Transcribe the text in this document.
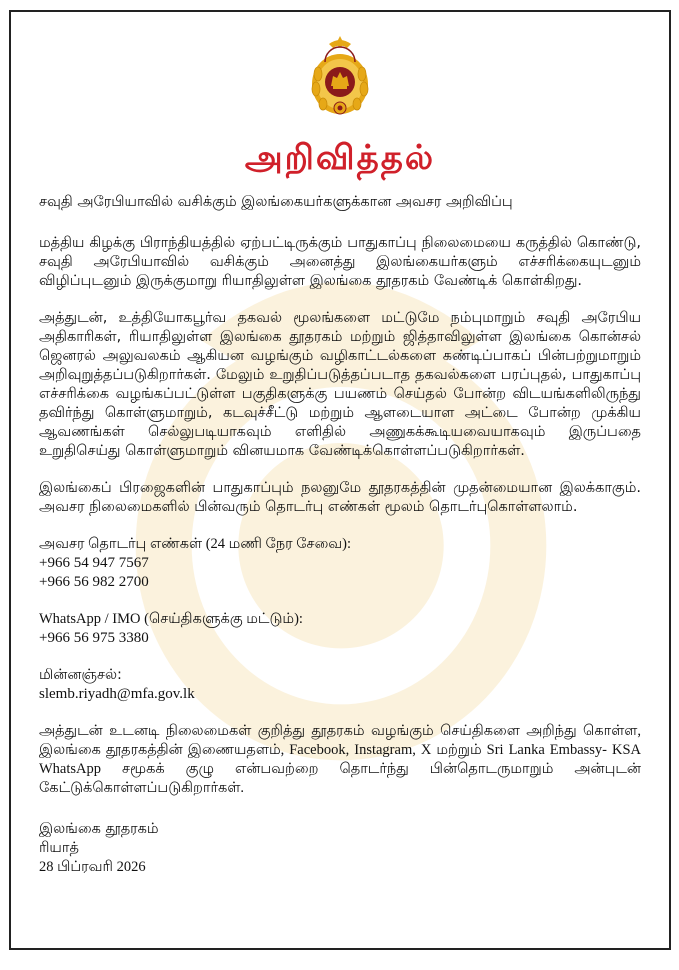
அறிவித்தல்
சவுதி அரேபியாவில் வசிக்கும் இலங்கையர்களுக்கான அவசர அறிவிப்பு

மத்திய கிழக்கு பிராந்தியத்தில் ஏற்பட்டிருக்கும் பாதுகாப்பு நிலைமையை கருத்தில் கொண்டு, சவுதி அரேபியாவில் வசிக்கும் அனைத்து இலங்கையர்களும் எச்சரிக்கையுடனும் விழிப்புடனும் இருக்குமாறு ரியாதிலுள்ள இலங்கை தூதரகம் வேண்டிக் கொள்கிறது.

அத்துடன், உத்தியோகபூர்வ தகவல் மூலங்களை மட்டுமே நம்புமாறும் சவுதி அரேபிய அதிகாரிகள், ரியாதிலுள்ள இலங்கை தூதரகம் மற்றும் ஜித்தாவிலுள்ள இலங்கை கொன்சல் ஜெனரல் அலுவலகம் ஆகியன வழங்கும் வழிகாட்டல்களை கண்டிப்பாகப் பின்பற்றுமாறும் அறிவுறுத்தப்படுகிறார்கள். மேலும் உறுதிப்படுத்தப்படாத தகவல்களை பரப்புதல், பாதுகாப்பு எச்சரிக்கை வழங்கப்பட்டுள்ள பகுதிகளுக்கு பயணம் செய்தல் போன்ற விடயங்களிலிருந்து தவிர்ந்து கொள்ளுமாறும், கடவுச்சீட்டு மற்றும் ஆளடையாள அட்டை போன்ற முக்கிய ஆவணங்கள் செல்லுபடியாகவும் எளிதில் அணுகக்கூடியவையாகவும் இருப்பதை உறுதிசெய்து கொள்ளுமாறும் வினயமாக வேண்டிக்கொள்ளப்படுகிறார்கள்.

இலங்கைப் பிரஜைகளின் பாதுகாப்பும் நலனுமே தூதரகத்தின் முதன்மையான இலக்காகும். அவசர நிலைமைகளில் பின்வரும் தொடர்பு எண்கள் மூலம் தொடர்புகொள்ளலாம்.

அவசர தொடர்பு எண்கள் (24 மணி நேர சேவை):
+966 54 947 7567
+966 56 982 2700
WhatsApp / IMO (செய்திகளுக்கு மட்டும்):
+966 56 975 3380
மின்னஞ்சல்:
slemb.riyadh@mfa.gov.lk

அத்துடன் உடனடி நிலைமைகள் குறித்து தூதரகம் வழங்கும் செய்திகளை அறிந்து கொள்ள, இலங்கை தூதரகத்தின் இணையதளம், Facebook, Instagram, X மற்றும் Sri Lanka Embassy- KSA WhatsApp சமூகக் குழு என்பவற்றை தொடர்ந்து பின்தொடருமாறும் அன்புடன் கேட்டுக்கொள்ளப்படுகிறார்கள்.

இலங்கை தூதரகம்
ரியாத்
28 பிப்ரவரி 2026
